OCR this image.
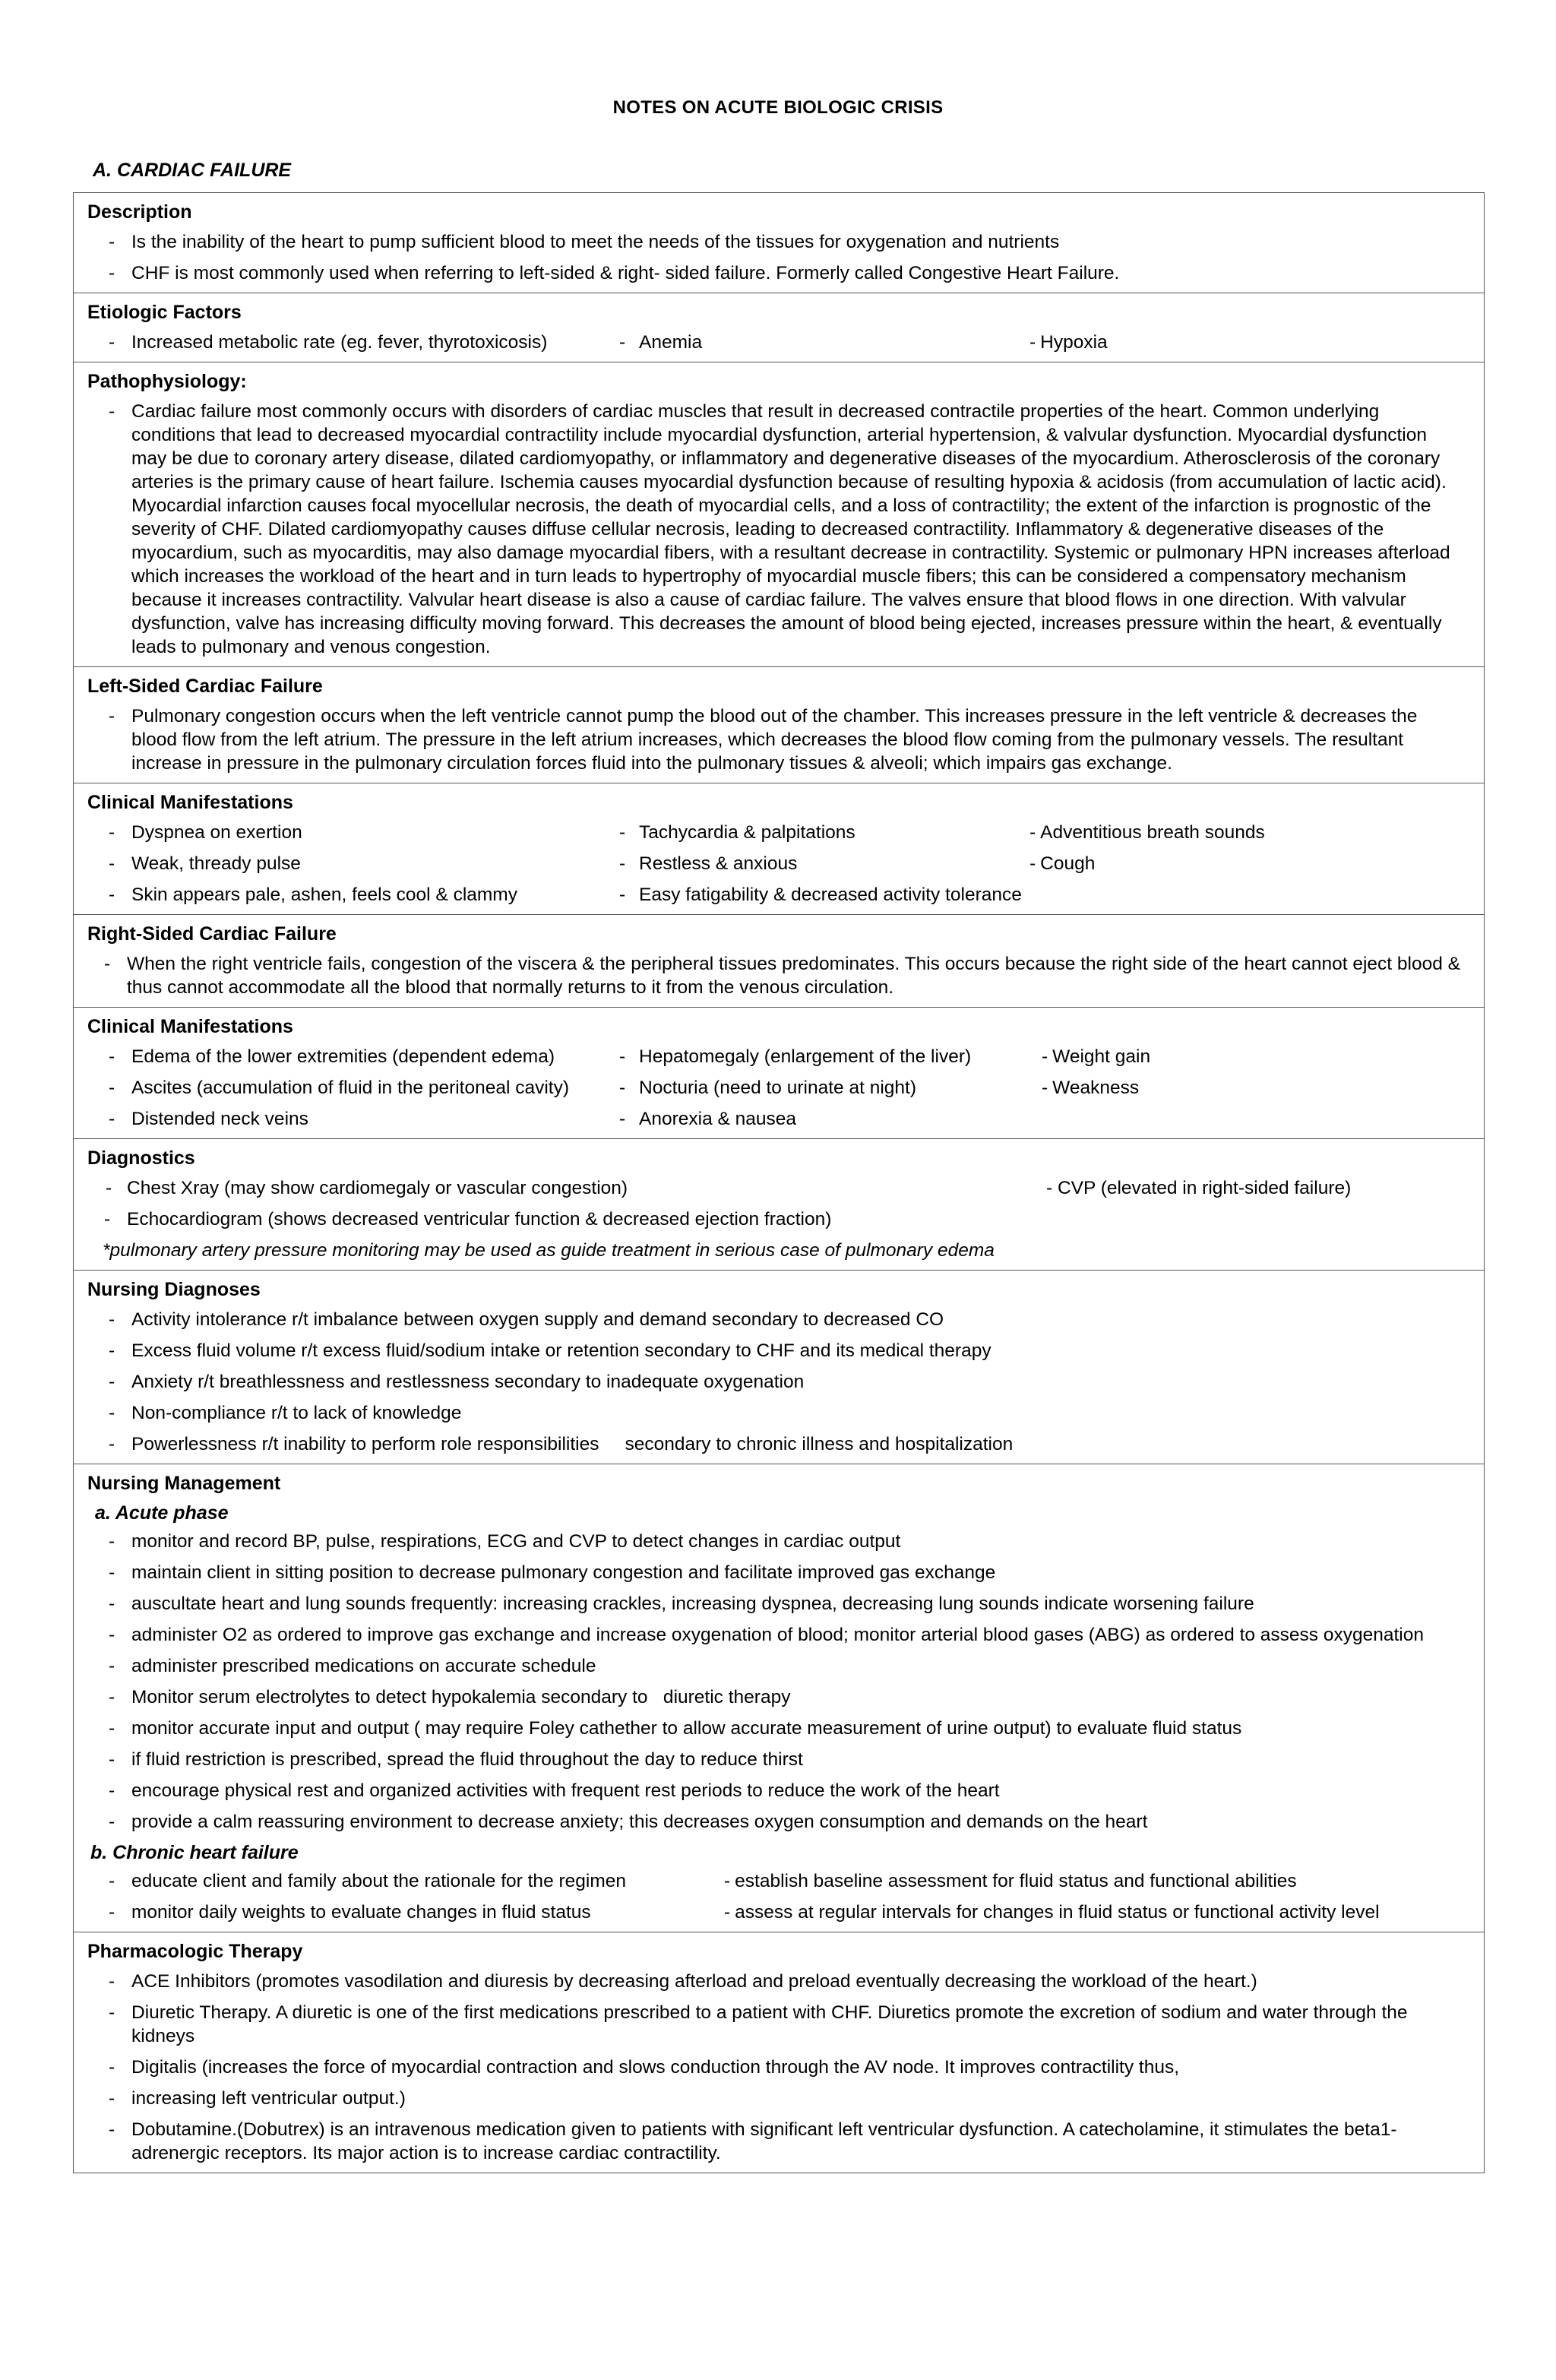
NOTES ON ACUTE BIOLOGIC CRISIS
A. CARDIAC FAILURE
Description
- Is the inability of the heart to pump sufficient blood to meet the needs of the tissues for oxygenation and nutrients
- CHF is most commonly used when referring to left-sided & right- sided failure. Formerly called Congestive Heart Failure.

Etiologic Factors
- Increased metabolic rate (eg. fever, thyrotoxicosis)	- Anemia	- Hypoxia

Pathophysiology:
- Cardiac failure most commonly occurs with disorders of cardiac muscles that result in decreased contractile properties of the heart. Common underlying conditions that lead to decreased myocardial contractility include myocardial dysfunction, arterial hypertension, & valvular dysfunction. Myocardial dysfunction may be due to coronary artery disease, dilated cardiomyopathy, or inflammatory and degenerative diseases of the myocardium. Atherosclerosis of the coronary arteries is the primary cause of heart failure. Ischemia causes myocardial dysfunction because of resulting hypoxia & acidosis (from accumulation of lactic acid). Myocardial infarction causes focal myocellular necrosis, the death of myocardial cells, and a loss of contractility; the extent of the infarction is prognostic of the severity of CHF. Dilated cardiomyopathy causes diffuse cellular necrosis, leading to decreased contractility. Inflammatory & degenerative diseases of the myocardium, such as myocarditis, may also damage myocardial fibers, with a resultant decrease in contractility. Systemic or pulmonary HPN increases afterload which increases the workload of the heart and in turn leads to hypertrophy of myocardial muscle fibers; this can be considered a compensatory mechanism because it increases contractility. Valvular heart disease is also a cause of cardiac failure. The valves ensure that blood flows in one direction. With valvular dysfunction, valve has increasing difficulty moving forward. This decreases the amount of blood being ejected, increases pressure within the heart, & eventually leads to pulmonary and venous congestion.

Left-Sided Cardiac Failure
- Pulmonary congestion occurs when the left ventricle cannot pump the blood out of the chamber. This increases pressure in the left ventricle & decreases the blood flow from the left atrium. The pressure in the left atrium increases, which decreases the blood flow coming from the pulmonary vessels. The resultant increase in pressure in the pulmonary circulation forces fluid into the pulmonary tissues & alveoli; which impairs gas exchange.

Clinical Manifestations
- Dyspnea on exertion	- Tachycardia & palpitations	- Adventitious breath sounds
- Weak, thready pulse	- Restless & anxious	- Cough
- Skin appears pale, ashen, feels cool & clammy	- Easy fatigability & decreased activity tolerance

Right-Sided Cardiac Failure
- When the right ventricle fails, congestion of the viscera & the peripheral tissues predominates. This occurs because the right side of the heart cannot eject blood & thus cannot accommodate all the blood that normally returns to it from the venous circulation.

Clinical Manifestations
- Edema of the lower extremities (dependent edema)	- Hepatomegaly (enlargement of the liver)	- Weight gain
- Ascites (accumulation of fluid in the peritoneal cavity)	- Nocturia (need to urinate at night)	- Weakness
- Distended neck veins	- Anorexia & nausea

Diagnostics
- Chest Xray (may show cardiomegaly or vascular congestion)	- CVP (elevated in right-sided failure)
- Echocardiogram (shows decreased ventricular function & decreased ejection fraction)
*pulmonary artery pressure monitoring may be used as guide treatment in serious case of pulmonary edema

Nursing Diagnoses
- Activity intolerance r/t imbalance between oxygen supply and demand secondary to decreased CO
- Excess fluid volume r/t excess fluid/sodium intake or retention secondary to CHF and its medical therapy
- Anxiety r/t breathlessness and restlessness secondary to inadequate oxygenation
- Non-compliance r/t to lack of knowledge
- Powerlessness r/t inability to perform role responsibilities     secondary to chronic illness and hospitalization

Nursing Management
a. Acute phase
- monitor and record BP, pulse, respirations, ECG and CVP to detect changes in cardiac output
- maintain client in sitting position to decrease pulmonary congestion and facilitate improved gas exchange
- auscultate heart and lung sounds frequently: increasing crackles, increasing dyspnea, decreasing lung sounds indicate worsening failure
- administer O2 as ordered to improve gas exchange and increase oxygenation of blood; monitor arterial blood gases (ABG) as ordered to assess oxygenation
- administer prescribed medications on accurate schedule
- Monitor serum electrolytes to detect hypokalemia secondary to   diuretic therapy
- monitor accurate input and output ( may require Foley cathether to allow accurate measurement of urine output) to evaluate fluid status
- if fluid restriction is prescribed, spread the fluid throughout the day to reduce thirst
- encourage physical rest and organized activities with frequent rest periods to reduce the work of the heart
- provide a calm reassuring environment to decrease anxiety; this decreases oxygen consumption and demands on the heart
b. Chronic heart failure
- educate client and family about the rationale for the regimen	- establish baseline assessment for fluid status and functional abilities
- monitor daily weights to evaluate changes in fluid status	- assess at regular intervals for changes in fluid status or functional activity level

Pharmacologic Therapy
- ACE Inhibitors (promotes vasodilation and diuresis by decreasing afterload and preload eventually decreasing the workload of the heart.)
- Diuretic Therapy. A diuretic is one of the first medications prescribed to a patient with CHF. Diuretics promote the excretion of sodium and water through the kidneys
- Digitalis (increases the force of myocardial contraction and slows conduction through the AV node. It improves contractility thus,
- increasing left ventricular output.)
- Dobutamine.(Dobutrex) is an intravenous medication given to patients with significant left ventricular dysfunction. A catecholamine, it stimulates the beta1-adrenergic receptors. Its major action is to increase cardiac contractility.
